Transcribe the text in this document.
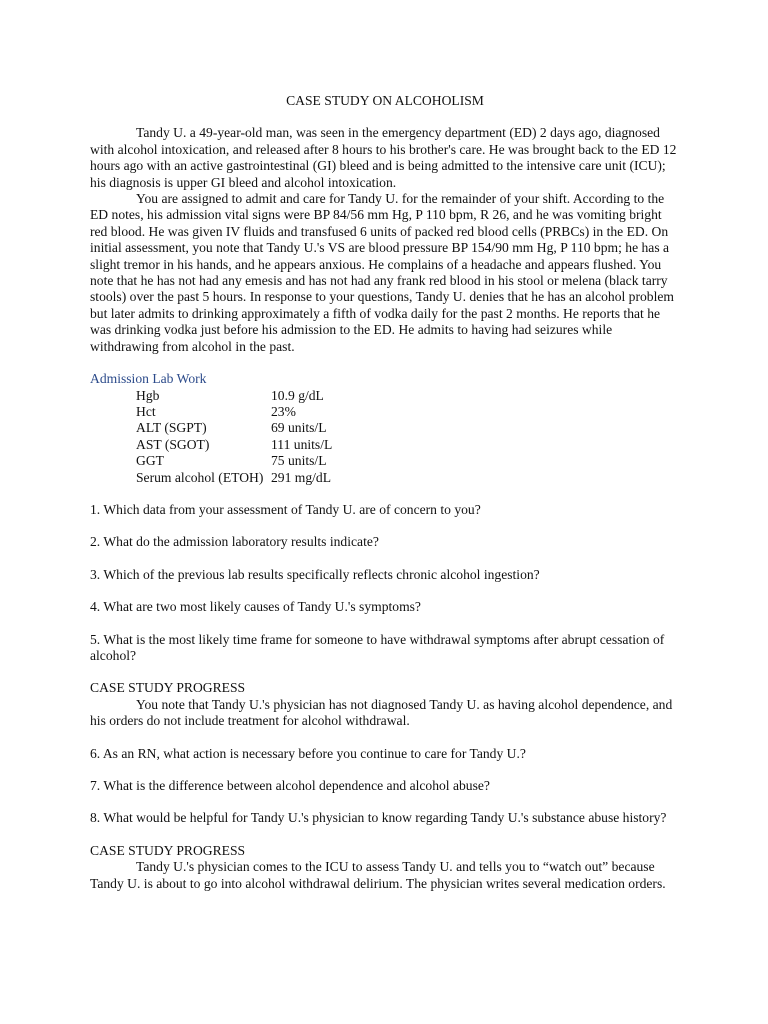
CASE STUDY ON ALCOHOLISM

Tandy U. a 49-year-old man, was seen in the emergency department (ED) 2 days ago, diagnosed with alcohol intoxication, and released after 8 hours to his brother's care. He was brought back to the ED 12 hours ago with an active gastrointestinal (GI) bleed and is being admitted to the intensive care unit (ICU); his diagnosis is upper GI bleed and alcohol intoxication.

You are assigned to admit and care for Tandy U. for the remainder of your shift. According to the ED notes, his admission vital signs were BP 84/56 mm Hg, P 110 bpm, R 26, and he was vomiting bright red blood. He was given IV fluids and transfused 6 units of packed red blood cells (PRBCs) in the ED. On initial assessment, you note that Tandy U.'s VS are blood pressure BP 154/90 mm Hg, P 110 bpm; he has a slight tremor in his hands, and he appears anxious. He complains of a headache and appears flushed. You note that he has not had any emesis and has not had any frank red blood in his stool or melena (black tarry stools) over the past 5 hours. In response to your questions, Tandy U. denies that he has an alcohol problem but later admits to drinking approximately a fifth of vodka daily for the past 2 months. He reports that he was drinking vodka just before his admission to the ED. He admits to having had seizures while withdrawing from alcohol in the past.

Admission Lab Work
Hgb	10.9 g/dL
Hct	23%
ALT (SGPT)	69 units/L
AST (SGOT)	111 units/L
GGT	75 units/L
Serum alcohol (ETOH)	291 mg/dL

1. Which data from your assessment of Tandy U. are of concern to you?

2. What do the admission laboratory results indicate?

3. Which of the previous lab results specifically reflects chronic alcohol ingestion?

4. What are two most likely causes of Tandy U.'s symptoms?

5. What is the most likely time frame for someone to have withdrawal symptoms after abrupt cessation of alcohol?

CASE STUDY PROGRESS

You note that Tandy U.'s physician has not diagnosed Tandy U. as having alcohol dependence, and his orders do not include treatment for alcohol withdrawal.

6. As an RN, what action is necessary before you continue to care for Tandy U.?

7. What is the difference between alcohol dependence and alcohol abuse?

8. What would be helpful for Tandy U.'s physician to know regarding Tandy U.'s substance abuse history?

CASE STUDY PROGRESS

Tandy U.'s physician comes to the ICU to assess Tandy U. and tells you to “watch out” because Tandy U. is about to go into alcohol withdrawal delirium. The physician writes several medication orders.
